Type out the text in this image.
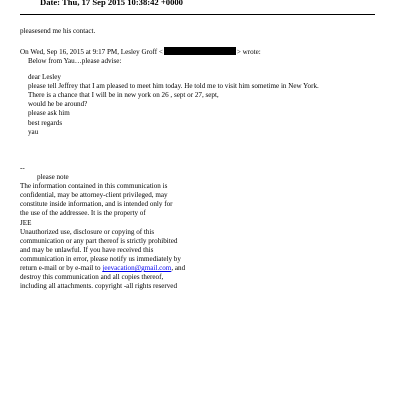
Date: Thu, 17 Sep 2015 10:38:42 +0000
pleasesend me his contact.
On Wed, Sep 16, 2015 at 9:17 PM, Lesley Groff <	> wrote:
Below from Yau…please advise:
dear Lesley
please tell Jeffrey that I am pleased to meet him today. He told me to visit him sometime in New York.
There is a chance that I will be in new york on 26 , sept or 27, sept,
would he be around?
please ask him
best regards
yau
--
please note
The information contained in this communication is
confidential, may be attorney-client privileged, may
constitute inside information, and is intended only for
the use of the addressee. It is the property of
JEE
Unauthorized use, disclosure or copying of this
communication or any part thereof is strictly prohibited
and may be unlawful. If you have received this
communication in error, please notify us immediately by
return e-mail or by e-mail to jeevacation@gmail.com, and
destroy this communication and all copies thereof,
including all attachments. copyright -all rights reserved
